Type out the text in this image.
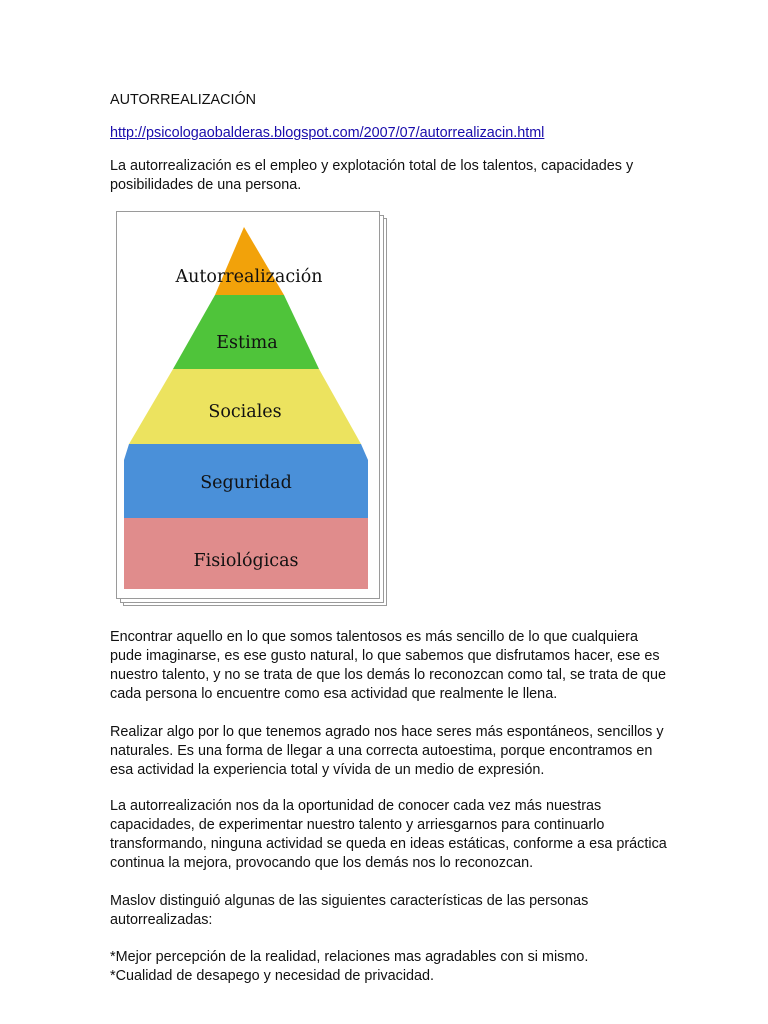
AUTORREALIZACIÓN

http://psicologaobalderas.blogspot.com/2007/07/autorrealizacin.html

La autorrealización es el empleo y explotación total de los talentos, capacidades y posibilidades de una persona.

Autorrealización
Estima
Sociales
Seguridad
Fisiológicas

Encontrar aquello en lo que somos talentosos es más sencillo de lo que cualquiera pude imaginarse, es ese gusto natural, lo que sabemos que disfrutamos hacer, ese es nuestro talento, y no se trata de que los demás lo reconozcan como tal, se trata de que cada persona lo encuentre como esa actividad que realmente le llena.

Realizar algo por lo que tenemos agrado nos hace seres más espontáneos, sencillos y naturales. Es una forma de llegar a una correcta autoestima, porque encontramos en esa actividad la experiencia total y vívida de un medio de expresión.

La autorrealización nos da la oportunidad de conocer cada vez más nuestras capacidades, de experimentar nuestro talento y arriesgarnos para continuarlo transformando, ninguna actividad se queda en ideas estáticas, conforme a esa práctica continua la mejora, provocando que los demás nos lo reconozcan.

Maslov distinguió algunas de las siguientes características de las personas autorrealizadas:

*Mejor percepción de la realidad, relaciones mas agradables con si mismo.

*Cualidad de desapego y necesidad de privacidad.
